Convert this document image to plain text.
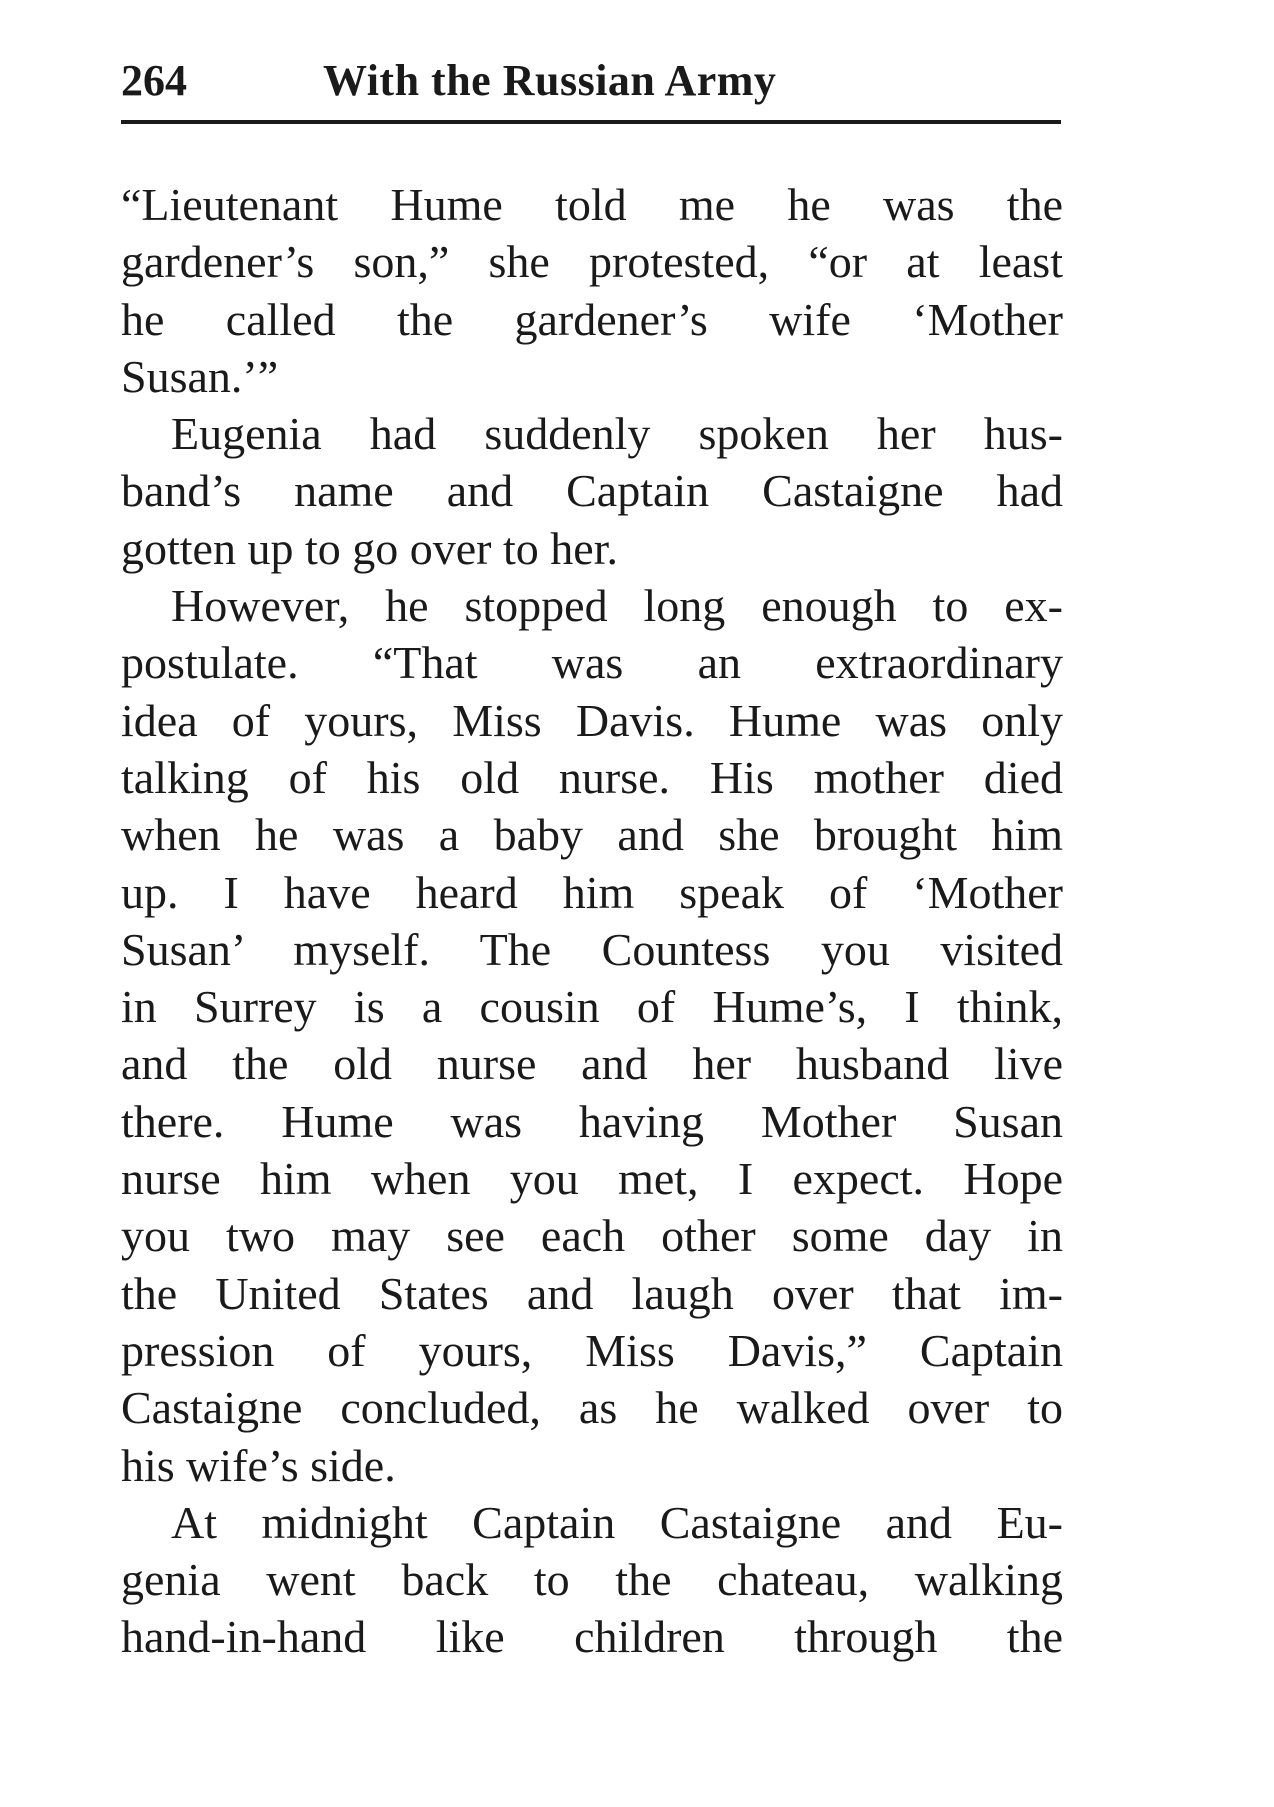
264	With the Russian Army
“Lieutenant Hume told me he was the
gardener’s son,” she protested, “or at least
he called the gardener’s wife ‘Mother
Susan.’”
Eugenia had suddenly spoken her hus-
band’s name and Captain Castaigne had
gotten up to go over to her.
However, he stopped long enough to ex-
postulate. “That was an extraordinary
idea of yours, Miss Davis. Hume was only
talking of his old nurse. His mother died
when he was a baby and she brought him
up. I have heard him speak of ‘Mother
Susan’ myself. The Countess you visited
in Surrey is a cousin of Hume’s, I think,
and the old nurse and her husband live
there. Hume was having Mother Susan
nurse him when you met, I expect. Hope
you two may see each other some day in
the United States and laugh over that im-
pression of yours, Miss Davis,” Captain
Castaigne concluded, as he walked over to
his wife’s side.
At midnight Captain Castaigne and Eu-
genia went back to the chateau, walking
hand-in-hand like children through the
